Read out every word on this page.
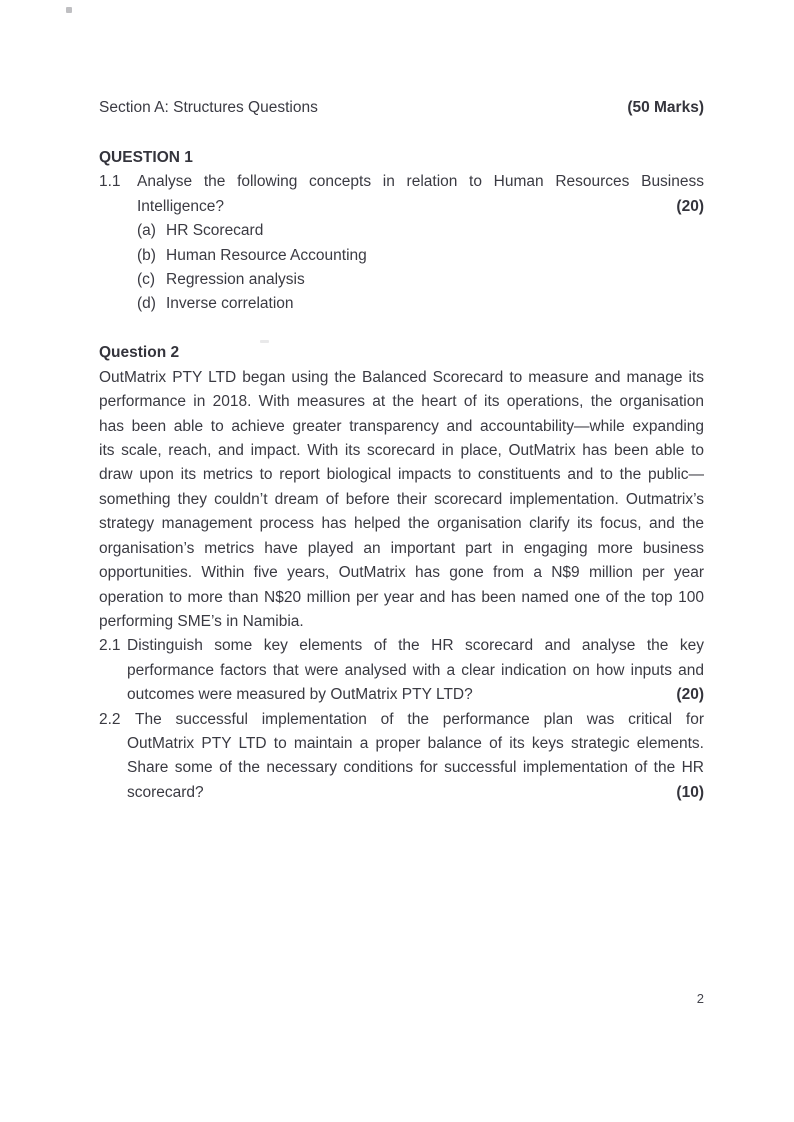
Section A: Structures Questions	(50 Marks)
QUESTION 1
1.1 Analyse the following concepts in relation to Human Resources Business
Intelligence?	(20)
(a) HR Scorecard
(b) Human Resource Accounting
(c) Regression analysis
(d) Inverse correlation
Question 2
OutMatrix PTY LTD began using the Balanced Scorecard to measure and manage its
performance in 2018. With measures at the heart of its operations, the organisation
has been able to achieve greater transparency and accountability—while expanding
its scale, reach, and impact. With its scorecard in place, OutMatrix has been able to
draw upon its metrics to report biological impacts to constituents and to the public—
something they couldn’t dream of before their scorecard implementation. Outmatrix’s
strategy management process has helped the organisation clarify its focus, and the
organisation’s metrics have played an important part in engaging more business
opportunities. Within five years, OutMatrix has gone from a N$9 million per year
operation to more than N$20 million per year and has been named one of the top 100
performing SME’s in Namibia.
2.1 Distinguish some key elements of the HR scorecard and analyse the key
performance factors that were analysed with a clear indication on how inputs and
outcomes were measured by OutMatrix PTY LTD?	(20)
2.2 The successful implementation of the performance plan was critical for
OutMatrix PTY LTD to maintain a proper balance of its keys strategic elements.
Share some of the necessary conditions for successful implementation of the HR
scorecard?	(10)
2
